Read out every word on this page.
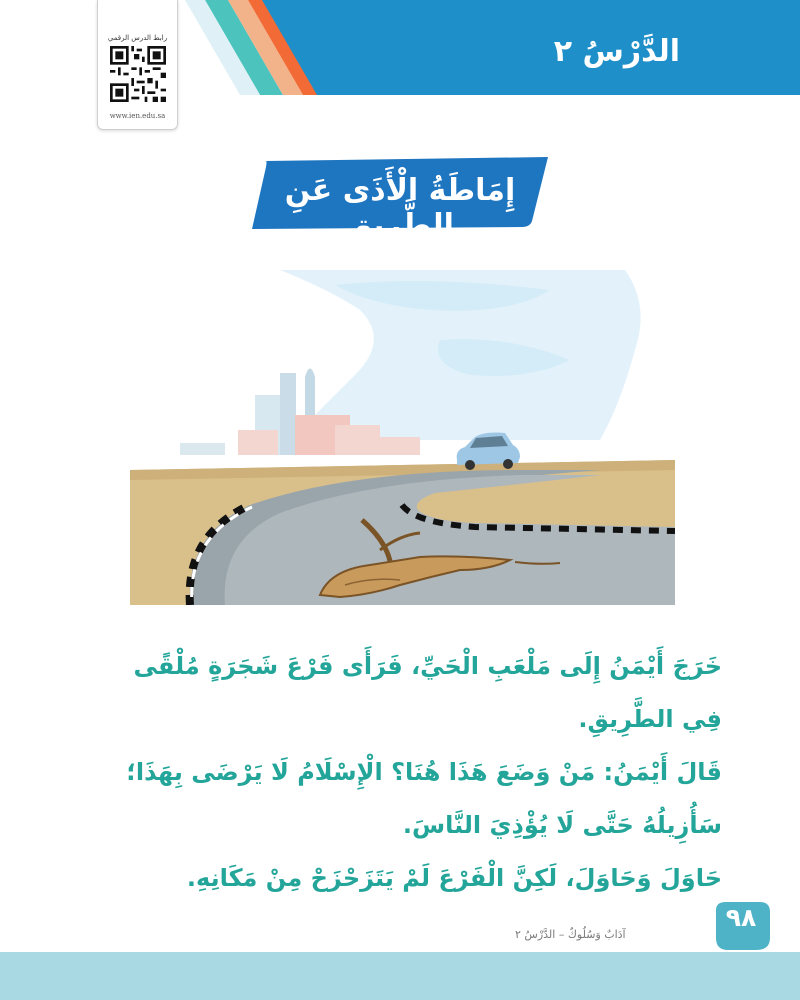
الدَّرْسُ ٢
رابط الدرس الرقمي
www.ien.edu.sa
إِمَاطَةُ الْأَذَى عَنِ الطَّرِيقِ

خَرَجَ أَيْمَنُ إِلَى مَلْعَبِ الْحَيِّ، فَرَأَى فَرْعَ شَجَرَةٍ مُلْقًى فِي الطَّرِيقِ.

قَالَ أَيْمَنُ: مَنْ وَضَعَ هَذَا هُنَا؟ الْإِسْلَامُ لَا يَرْضَى بِهَذَا؛ سَأُزِيلُهُ حَتَّى لَا يُؤْذِيَ النَّاسَ.

حَاوَلَ وَحَاوَلَ، لَكِنَّ الْفَرْعَ لَمْ يَتَزَحْزَحْ مِنْ مَكَانِهِ.

آدَابٌ وَسُلُوكٌ – الدَّرْسُ ٢
٩٨
